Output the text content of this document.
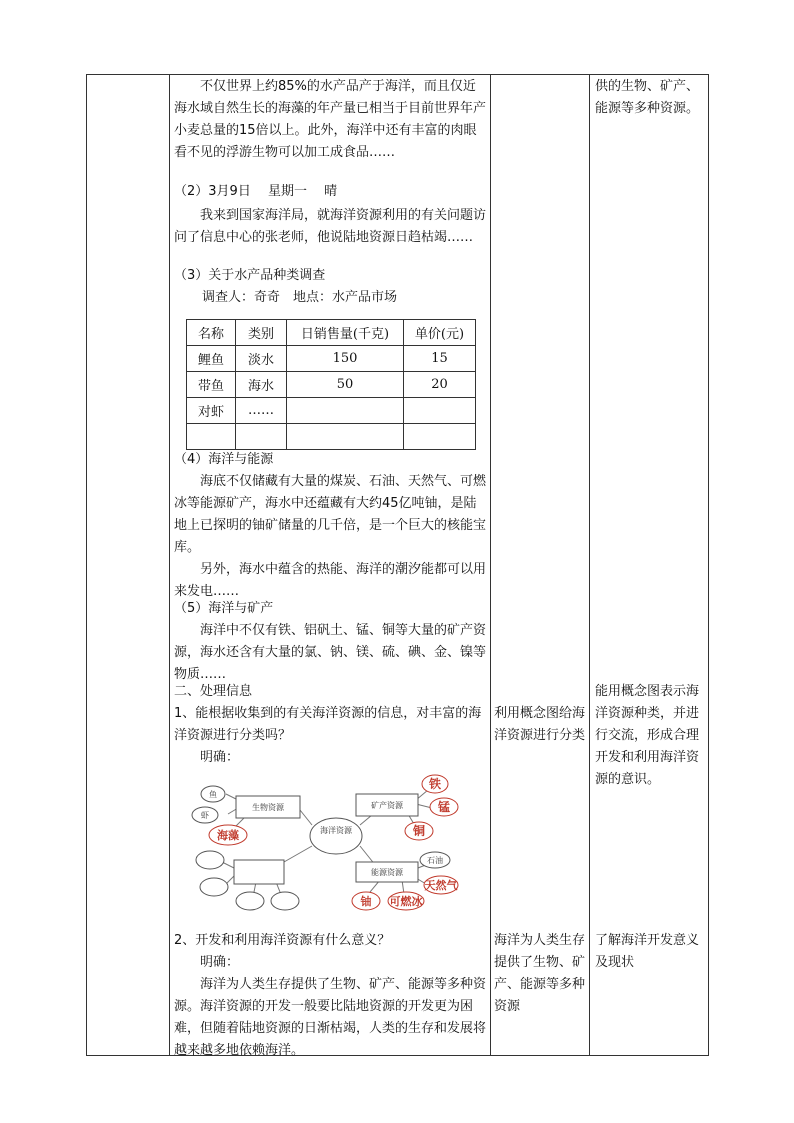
不仅世界上约85%的水产品产于海洋，而且仅近海水域自然生长的海藻的年产量已相当于目前世界年产小麦总量的15倍以上。此外，海洋中还有丰富的肉眼看不见的浮游生物可以加工成食品……

（2）3月9日　 星期一　 晴

我来到国家海洋局，就海洋资源利用的有关问题访问了信息中心的张老师，他说陆地资源日趋枯竭……

（3）关于水产品种类调查
调查人：奇奇　地点：水产品市场
名称	类别	日销售量(千克)	单价(元)
鲤鱼	淡水	150	15
带鱼	海水	50	20
对虾	……		

（4）海洋与能源

海底不仅储藏有大量的煤炭、石油、天然气、可燃冰等能源矿产，海水中还蕴藏有大约45亿吨铀，是陆地上已探明的铀矿储量的几千倍，是一个巨大的核能宝库。

另外，海水中蕴含的热能、海洋的潮汐能都可以用来发电……

（5）海洋与矿产

海洋中不仅有铁、铝矾土、锰、铜等大量的矿产资源，海水还含有大量的氯、钠、镁、硫、碘、金、镍等物质……

二、处理信息

1、能根据收集到的有关海洋资源的信息，对丰富的海洋资源进行分类吗？

明确：

海洋资源
生物资源	矿产资源
能源资源
鱼
虾
石油
海藻
铁
锰
铜
天然气
铀 可燃冰

2、开发和利用海洋资源有什么意义？

明确：

海洋为人类生存提供了生物、矿产、能源等多种资源。海洋资源的开发一般要比陆地资源的开发更为困难，但随着陆地资源的日渐枯竭，人类的生存和发展将越来越多地依赖海洋。

利用概念图给海洋资源进行分类
海洋为人类生存提供了生物、矿产、能源等多种资源
供的生物、矿产、能源等多种资源。
能用概念图表示海洋资源种类，并进行交流，形成合理开发和利用海洋资源的意识。
了解海洋开发意义及现状
